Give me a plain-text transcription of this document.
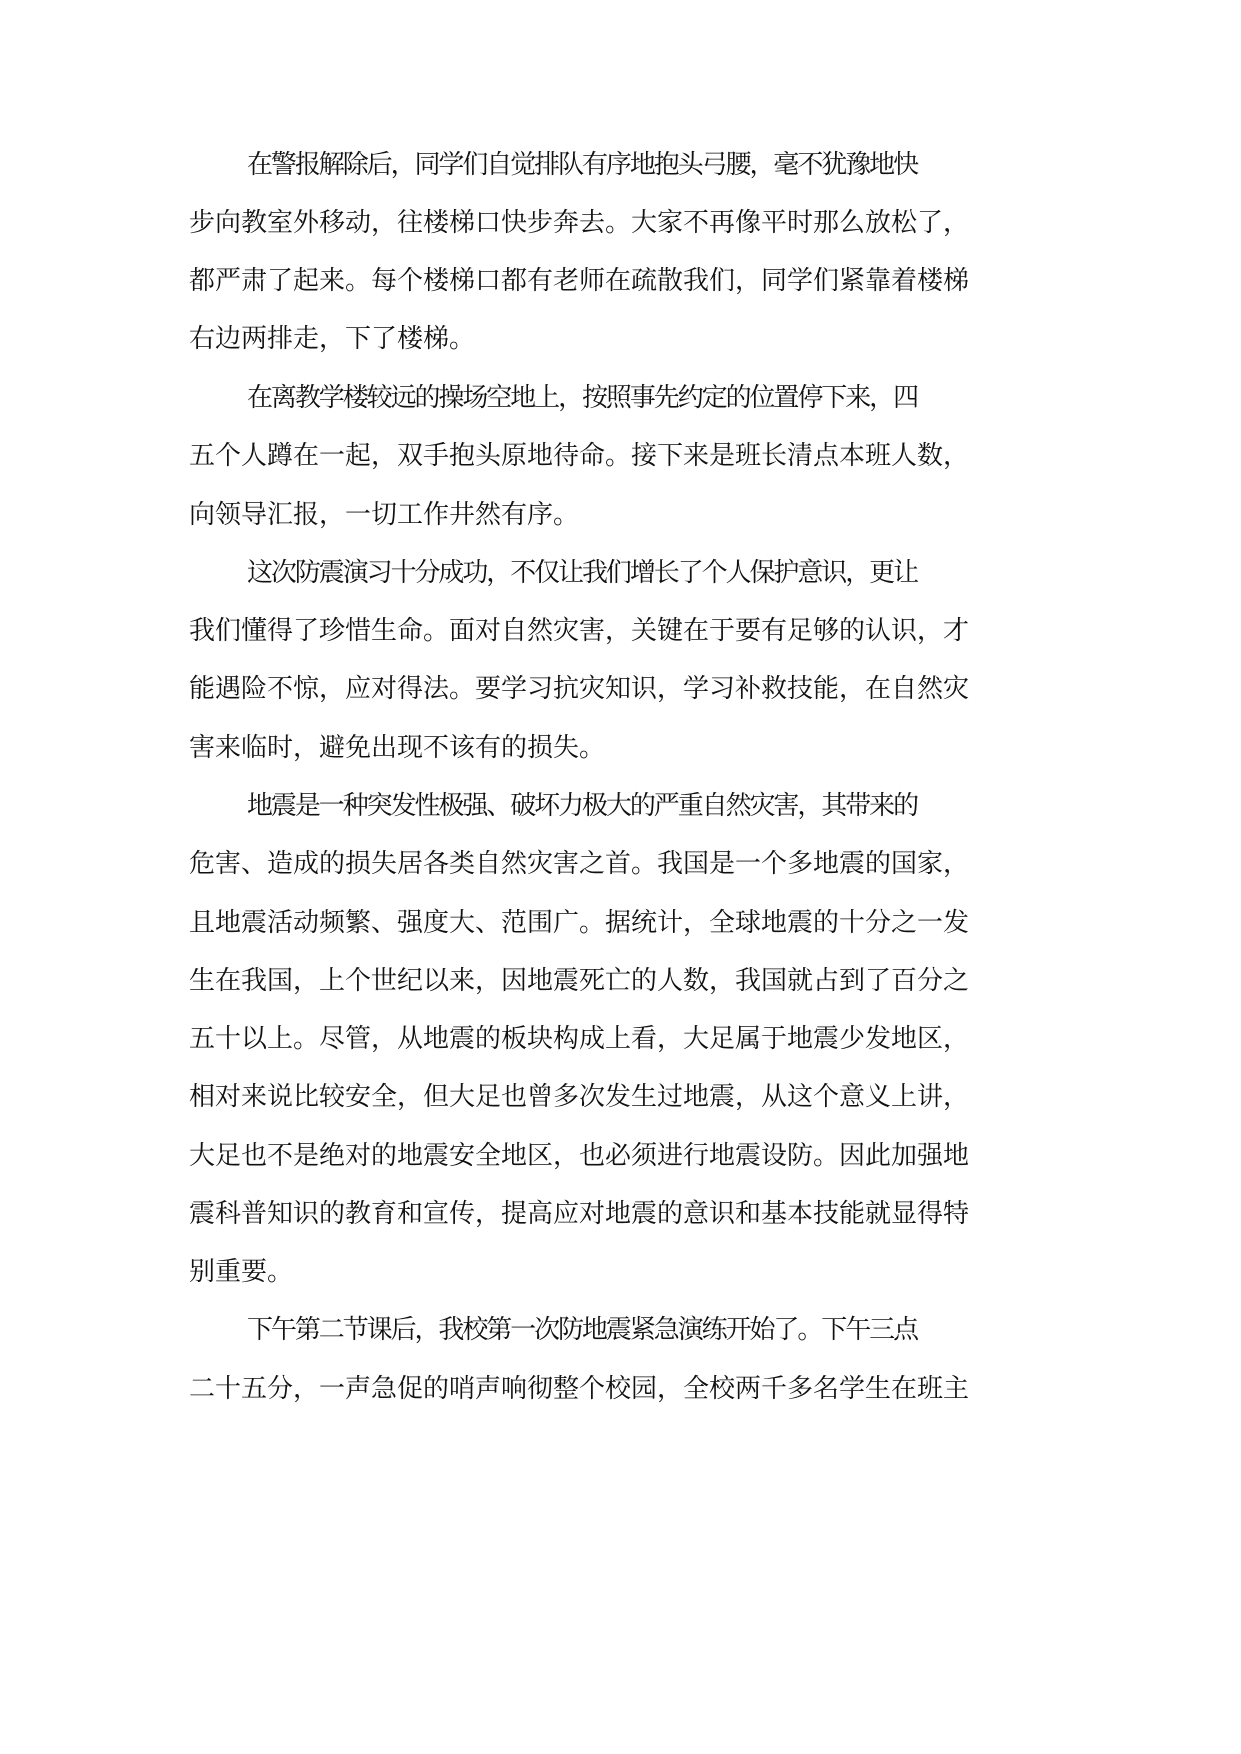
在警报解除后，同学们自觉排队有序地抱头弓腰，毫不犹豫地快
步向教室外移动，往楼梯口快步奔去。大家不再像平时那么放松了，
都严肃了起来。每个楼梯口都有老师在疏散我们，同学们紧靠着楼梯
右边两排走，下了楼梯。
在离教学楼较远的操场空地上，按照事先约定的位置停下来，四
五个人蹲在一起，双手抱头原地待命。接下来是班长清点本班人数，
向领导汇报，一切工作井然有序。
这次防震演习十分成功，不仅让我们增长了个人保护意识，更让
我们懂得了珍惜生命。面对自然灾害，关键在于要有足够的认识，才
能遇险不惊，应对得法。要学习抗灾知识，学习补救技能，在自然灾
害来临时，避免出现不该有的损失。
地震是一种突发性极强、破坏力极大的严重自然灾害，其带来的
危害、造成的损失居各类自然灾害之首。我国是一个多地震的国家，
且地震活动频繁、强度大、范围广。据统计，全球地震的十分之一发
生在我国，上个世纪以来，因地震死亡的人数，我国就占到了百分之
五十以上。尽管，从地震的板块构成上看，大足属于地震少发地区，
相对来说比较安全，但大足也曾多次发生过地震，从这个意义上讲，
大足也不是绝对的地震安全地区，也必须进行地震设防。因此加强地
震科普知识的教育和宣传，提高应对地震的意识和基本技能就显得特
别重要。
下午第二节课后，我校第一次防地震紧急演练开始了。下午三点
二十五分，一声急促的哨声响彻整个校园，全校两千多名学生在班主
